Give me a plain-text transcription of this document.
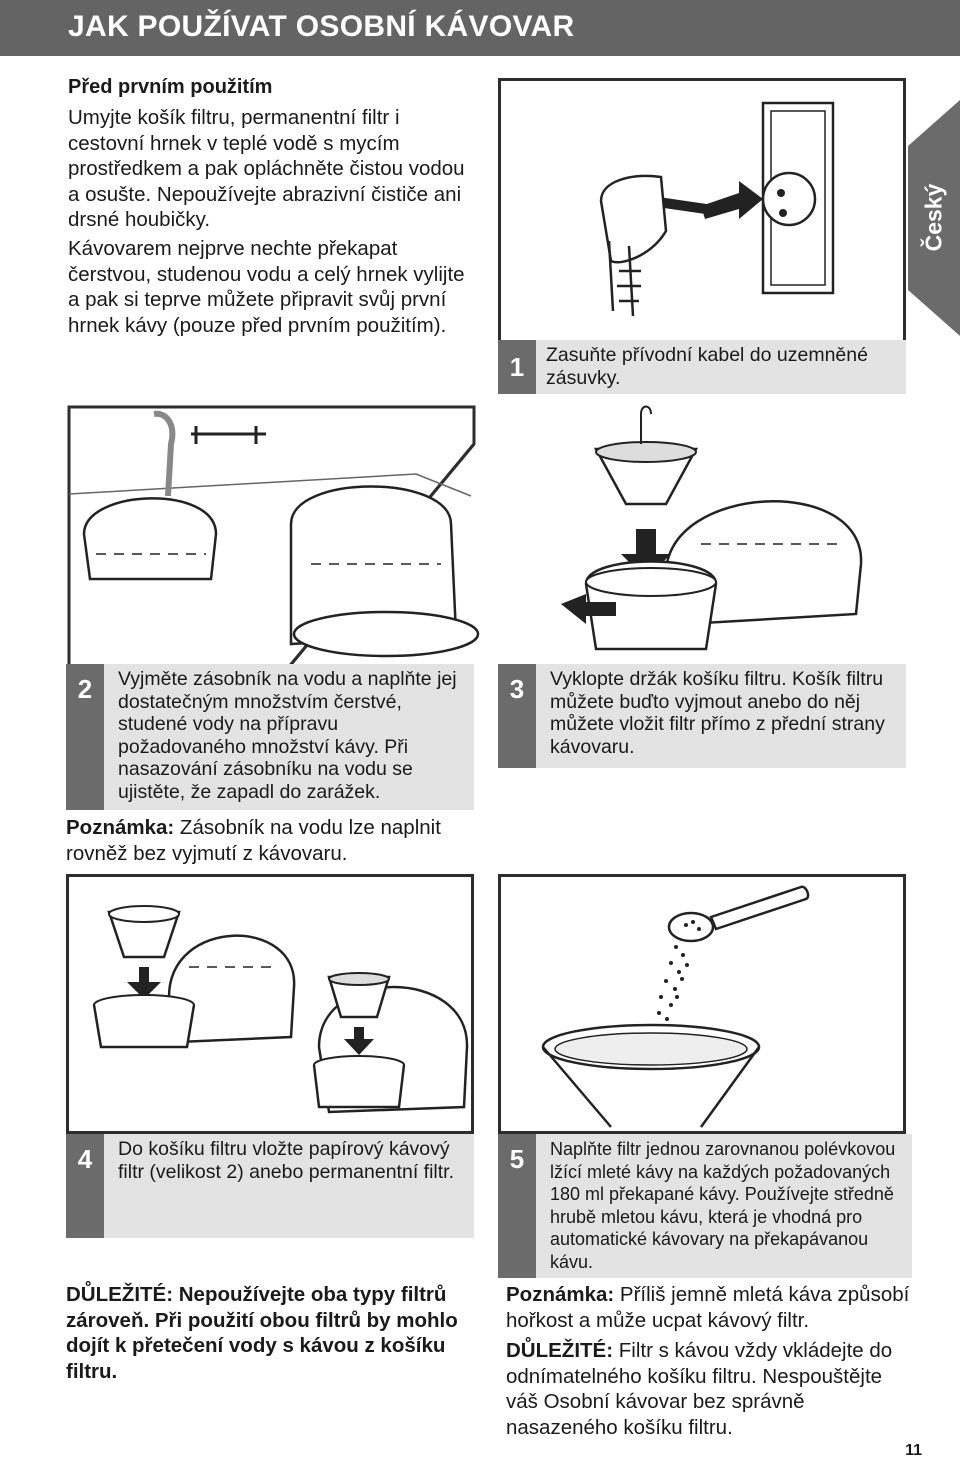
JAK POUŽÍVAT OSOBNÍ KÁVOVAR
Český
Před prvním použitím
Umyjte košík filtru, permanentní filtr i cestovní hrnek v teplé vodě s mycím prostředkem a pak opláchněte čistou vodou a osušte. Nepoužívejte abrazivní čističe ani drsné houbičky.
Kávovarem nejprve nechte překapat čerstvou, studenou vodu a celý hrnek vylijte a pak si teprve můžete připravit svůj první hrnek kávy (pouze před prvním použitím).
1	Zasuňte přívodní kabel do uzemněné zásuvky.
2	Vyjměte zásobník na vodu a naplňte jej dostatečným množstvím čerstvé, studené vody na přípravu požadovaného množství kávy. Při nasazování zásobníku na vodu se ujistěte, že zapadl do zarážek.
Poznámka: Zásobník na vodu lze naplnit rovněž bez vyjmutí z kávovaru.
3	Vyklopte držák košíku filtru. Košík filtru můžete buďto vyjmout anebo do něj můžete vložit filtr přímo z přední strany kávovaru.
4	Do košíku filtru vložte papírový kávový filtr (velikost 2) anebo permanentní filtr.
DŮLEŽITÉ: Nepoužívejte oba typy filtrů zároveň. Při použití obou filtrů by mohlo dojít k přetečení vody s kávou z košíku filtru.
5	Naplňte filtr jednou zarovnanou polévkovou lžící mleté kávy na každých požadovaných 180 ml překapané kávy. Používejte středně hrubě mletou kávu, která je vhodná pro automatické kávovary na překapávanou kávu.
Poznámka: Příliš jemně mletá káva způsobí hořkost a může ucpat kávový filtr.
DŮLEŽITÉ: Filtr s kávou vždy vkládejte do odnímatelného košíku filtru. Nespouštějte váš Osobní kávovar bez správně nasazeného košíku filtru.
11
